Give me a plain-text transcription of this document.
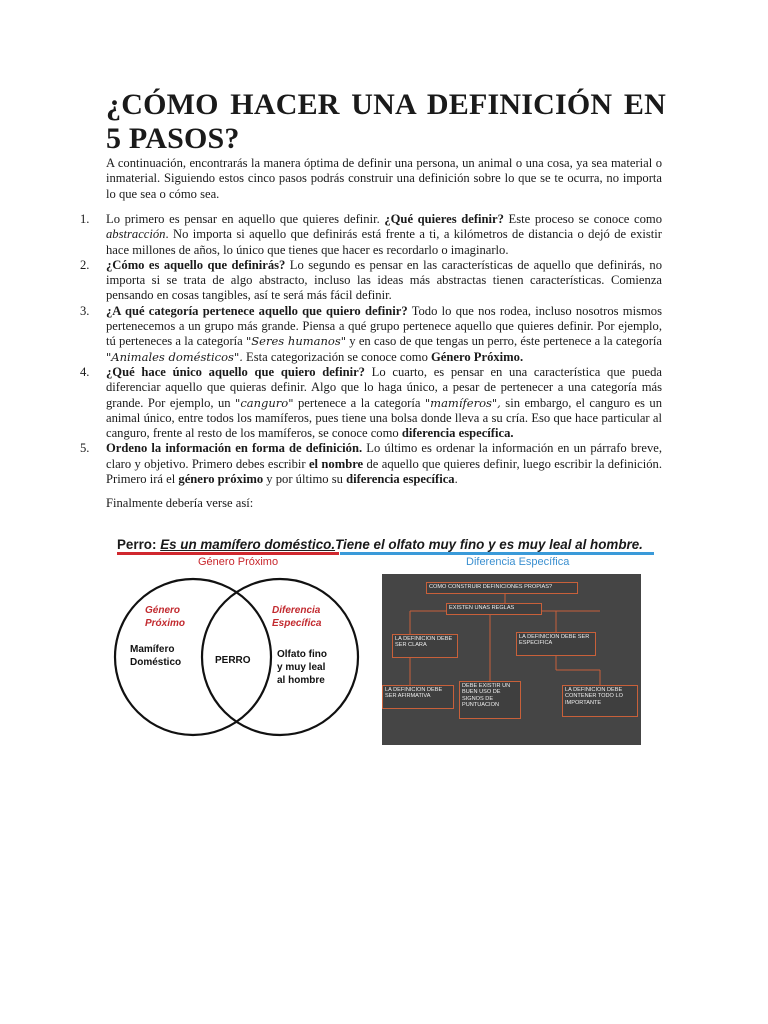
¿CÓMO HACER UNA DEFINICIÓN EN 5 PASOS?

A continuación, encontrarás la manera óptima de definir una persona, un animal o una cosa, ya sea material o inmaterial. Siguiendo estos cinco pasos podrás construir una definición sobre lo que se te ocurra, no importa lo que sea o cómo sea.

1. Lo primero es pensar en aquello que quieres definir. ¿Qué quieres definir? Este proceso se conoce como abstracción. No importa si aquello que definirás está frente a ti, a kilómetros de distancia o dejó de existir hace millones de años, lo único que tienes que hacer es recordarlo o imaginarlo.
2. ¿Cómo es aquello que definirás? Lo segundo es pensar en las características de aquello que definirás, no importa si se trata de algo abstracto, incluso las ideas más abstractas tienen características. Comienza pensando en cosas tangibles, así te será más fácil definir.
3. ¿A qué categoría pertenece aquello que quiero definir? Todo lo que nos rodea, incluso nosotros mismos pertenecemos a un grupo más grande. Piensa a qué grupo pertenece aquello que quieres definir. Por ejemplo, tú perteneces a la categoría "Seres humanos" y en caso de que tengas un perro, éste pertenece a la categoría "Animales domésticos". Esta categorización se conoce como Género Próximo.
4. ¿Qué hace único aquello que quiero definir? Lo cuarto, es pensar en una característica que pueda diferenciar aquello que quieras definir. Algo que lo haga único, a pesar de pertenecer a una categoría más grande. Por ejemplo, un "canguro" pertenece a la categoría "mamíferos", sin embargo, el canguro es un animal único, entre todos los mamíferos, pues tiene una bolsa donde lleva a su cría. Eso que hace particular al canguro, frente al resto de los mamíferos, se conoce como diferencia específica.
5. Ordeno la información en forma de definición. Lo último es ordenar la información en un párrafo breve, claro y objetivo. Primero debes escribir el nombre de aquello que quieres definir, luego escribir la definición. Primero irá el género próximo y por último su diferencia específica.

Finalmente debería verse así:

Perro: Es un mamífero doméstico.Tiene el olfato muy fino y es muy leal al hombre.
Género Próximo	Diferencia Específica
Género
Próximo
Diferencia
Específica
Mamífero
Doméstico	PERRO
Olfato fino
y muy leal
al hombre
COMO CONSTRUIR DEFINICIONES PROPIAS?
EXISTEN UNAS REGLAS
LA DEFINICION DEBE SER CLARA
LA DEFINICION DEBE SER ESPECIFICA
LA DEFINICION DEBE SER AFIRMATIVA
DEBE EXISTIR UN BUEN USO DE SIGNOS DE PUNTUACION
LA DEFINICION DEBE CONTENER TODO LO IMPORTANTE
